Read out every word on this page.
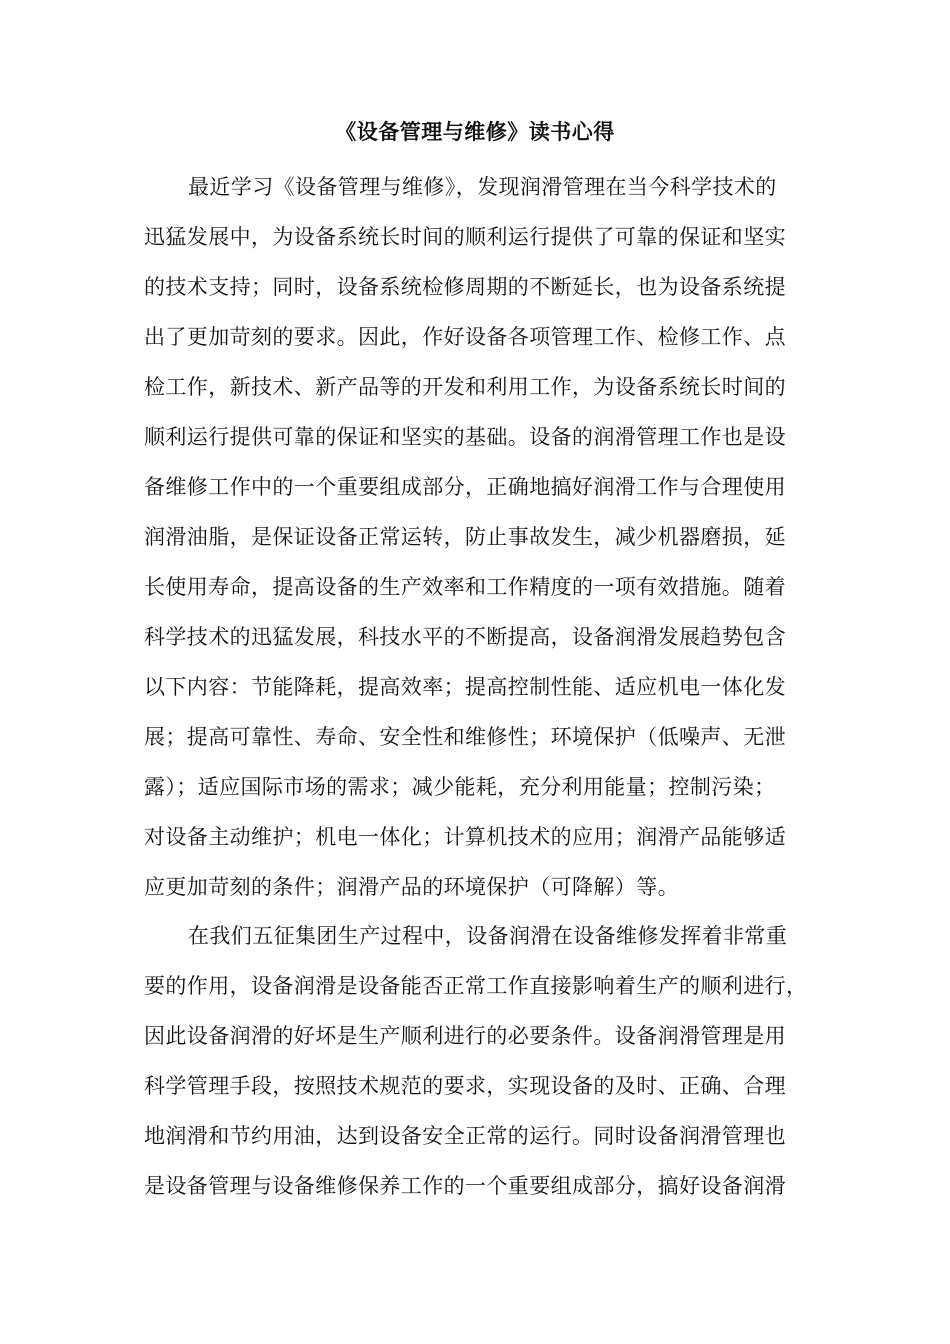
《设备管理与维修》读书心得
最近学习《设备管理与维修》，发现润滑管理在当今科学技术的
迅猛发展中，为设备系统长时间的顺利运行提供了可靠的保证和坚实
的技术支持；同时，设备系统检修周期的不断延长，也为设备系统提
出了更加苛刻的要求。因此，作好设备各项管理工作、检修工作、点
检工作，新技术、新产品等的开发和利用工作，为设备系统长时间的
顺利运行提供可靠的保证和坚实的基础。设备的润滑管理工作也是设
备维修工作中的一个重要组成部分，正确地搞好润滑工作与合理使用
润滑油脂，是保证设备正常运转，防止事故发生，减少机器磨损，延
长使用寿命，提高设备的生产效率和工作精度的一项有效措施。随着
科学技术的迅猛发展，科技水平的不断提高，设备润滑发展趋势包含
以下内容：节能降耗，提高效率；提高控制性能、适应机电一体化发
展；提高可靠性、寿命、安全性和维修性；环境保护（低噪声、无泄
露）；适应国际市场的需求；减少能耗，充分利用能量；控制污染；
对设备主动维护；机电一体化；计算机技术的应用；润滑产品能够适
应更加苛刻的条件；润滑产品的环境保护（可降解）等。
在我们五征集团生产过程中，设备润滑在设备维修发挥着非常重
要的作用，设备润滑是设备能否正常工作直接影响着生产的顺利进行，
因此设备润滑的好坏是生产顺利进行的必要条件。设备润滑管理是用
科学管理手段，按照技术规范的要求，实现设备的及时、正确、合理
地润滑和节约用油，达到设备安全正常的运行。同时设备润滑管理也
是设备管理与设备维修保养工作的一个重要组成部分，搞好设备润滑
